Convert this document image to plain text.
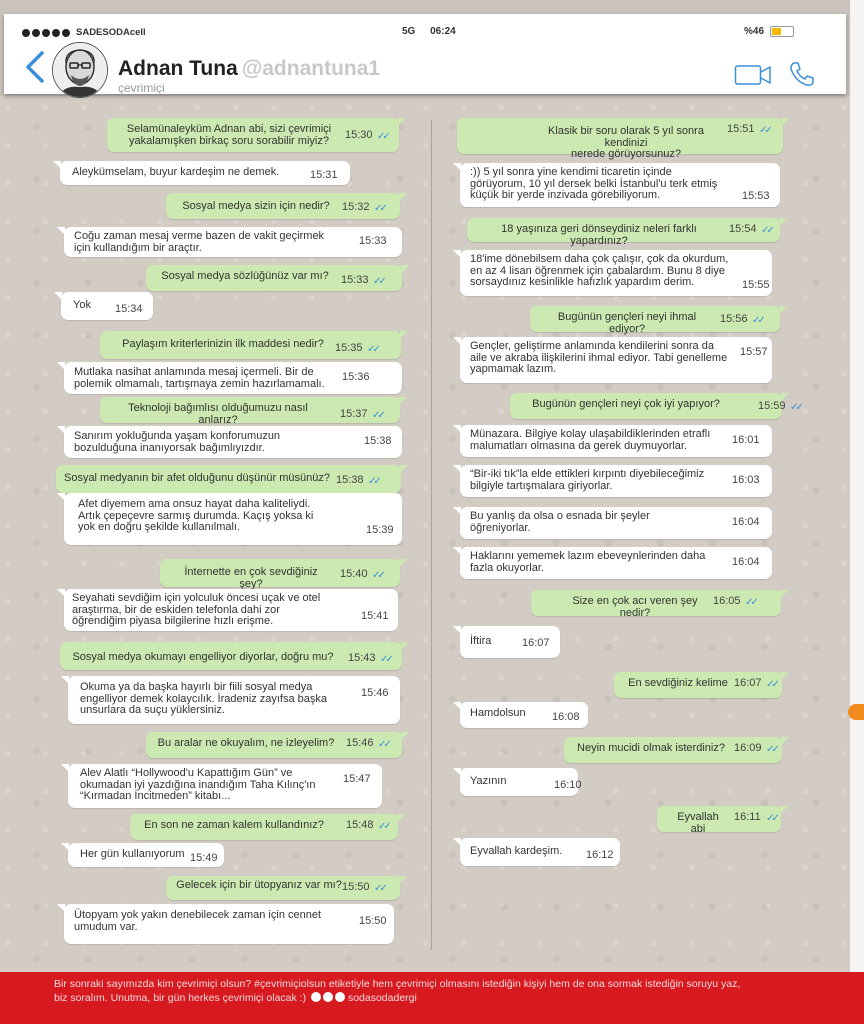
SADESODAcell	5G 06:24	%46
Adnan Tuna @adnantuna1
çevrimiçi
Selamünaleyküm Adnan abi, sizi çevrimiçi
yakalamışken birkaç soru sorabilir miyiz?	15:30 ✓✓
Aleykümselam, buyur kardeşim ne demek.	15:31
Sosyal medya sizin için nedir?	15:32 ✓✓
Coğu zaman mesaj verme bazen de vakit geçirmek
için kullandığım bir araçtır.
15:33
Sosyal medya sözlüğünüz var mı? 15:33 ✓✓
Yok	15:34
Paylaşım kriterlerinizin ilk maddesi nedir?	15:35 ✓✓
Mutlaka nasihat anlamında mesaj içermeli. Bir de
polemik olmamalı, tartışmaya zemin hazırlamamalı.
15:36
Teknoloji bağımlısı olduğumuzu nasıl anlarız?	15:37 ✓✓
Sanırım yokluğunda yaşam konforumuzun
bozulduğuna inanıyorsak bağımlıyızdır.
15:38
Sosyal medyanın bir afet olduğunu düşünür müsünüz? 15:38 ✓✓
Afet diyemem ama onsuz hayat daha kaliteliydi.
Artık çepeçevre sarmış durumda. Kaçış yoksa ki
yok en doğru şekilde kullanılmalı.	15:39
İnternette en çok sevdiğiniz şey?
15:40 ✓✓
Seyahati sevdiğim için yolculuk öncesi uçak ve otel
araştırma, bir de eskiden telefonla dahi zor
öğrendiğim piyasa bilgilerine hızlı erişme.	15:41
Sosyal medya okumayı engelliyor diyorlar, doğru mu?	15:43 ✓✓
Okuma ya da başka hayırlı bir fiili sosyal medya
engelliyor demek kolaycılık. İradeniz zayıfsa başka
unsurlara da suçu yüklersiniz.
15:46
Bu aralar ne okuyalım, ne izleyelim? 15:46 ✓✓
Alev Alatlı “Hollywood'u Kapattığım Gün” ve
okumadan iyi yazdığına inandığım Taha Kılınç'ın
“Kırmadan İncitmeden” kitabı...
15:47
En son ne zaman kalem kullandınız? 15:48 ✓✓
Her gün kullanıyorum 15:49
Gelecek için bir ütopyanız var mı? 15:50 ✓✓
Ütopyam yok yakın denebilecek zaman için cennet
umudum var.	15:50
Klasik bir soru olarak 5 yıl sonra kendinizi
nerede görüyorsunuz?
15:51 ✓✓
:)) 5 yıl sonra yine kendimi ticaretin içinde
görüyorum, 10 yıl dersek belki İstanbul'u terk etmiş
küçük bir yerde inzivada görebiliyorum.	15:53
18 yaşınıza geri dönseydiniz neleri farklı yapardınız?
15:54 ✓✓
18'ime dönebilsem daha çok çalışır, çok da okurdum,
en az 4 lisan öğrenmek için çabalardım. Bunu 8 diye
sorsaydınız kesinlikle hafızlık yapardım derim.	15:55
Bugünün gençleri neyi ihmal ediyor?
15:56 ✓✓
Gençler, geliştirme anlamında kendilerini sonra da
aile ve akraba ilişkilerini ihmal ediyor. Tabi genelleme
yapmamak lazım.
15:57
Bugünün gençleri neyi çok iyi yapıyor?	15:59 ✓✓
Münazara. Bilgiye kolay ulaşabildiklerinden etraflı
malumatları olmasına da gerek duymuyorlar.	16:01
“Bir-iki tık”la elde ettikleri kırpıntı diyebileceğimiz
bilgiyle tartışmalara giriyorlar.	16:03
Bu yanlış da olsa o esnada bir şeyler
öğreniyorlar.	16:04
Haklarını yememek lazım ebeveynlerinden daha
fazla okuyorlar.	16:04
Size en çok acı veren şey nedir?
16:05 ✓✓
İftira	16:07
En sevdiğiniz kelime 16:07 ✓✓
Hamdolsun	16:08
Neyin mucidi olmak isterdiniz? 16:09 ✓✓
Yazının	16:10
Eyvallah abi
16:11 ✓✓
Eyvallah kardeşim.	16:12
Bir sonraki sayımızda kim çevrimiçi olsun? #çevrimiçiolsun etiketiyle hem çevrimiçi olmasını istediğin kişiyi hem de ona sormak istediğin soruyu yaz,
biz soralım. Unutma, bir gün herkes çevrimiçi olacak :)	sodasodadergi
